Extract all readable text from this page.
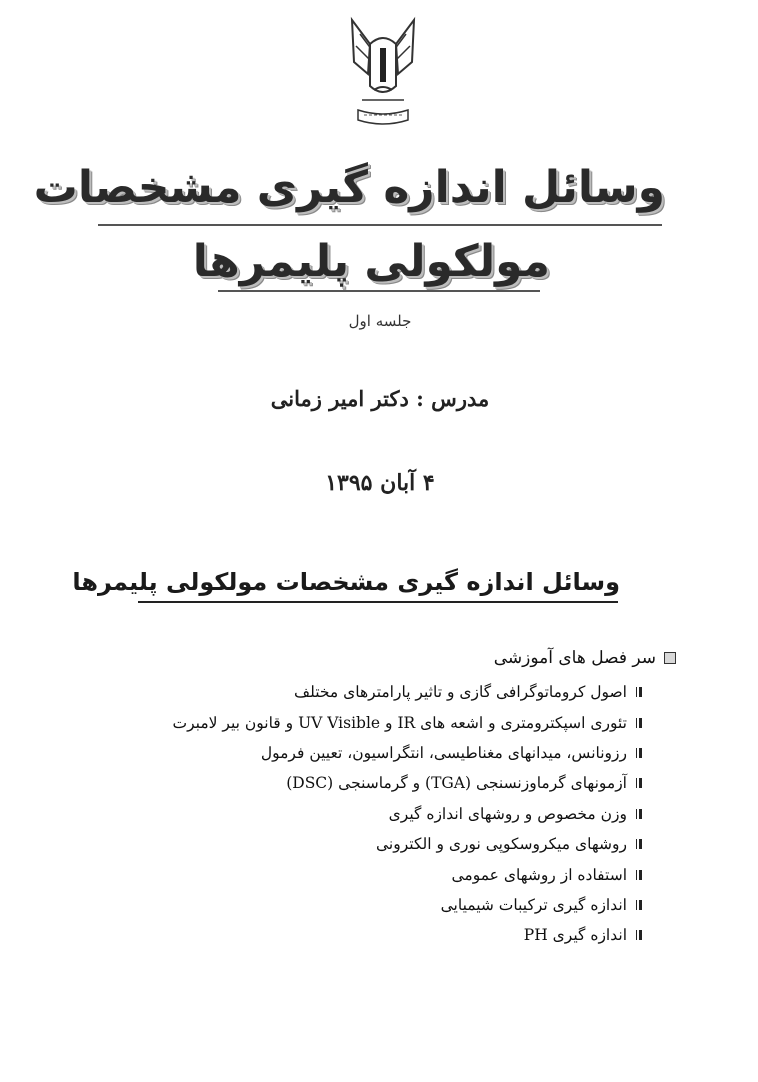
وسائل اندازه گیری مشخصات
مولکولی پلیمرها
جلسه اول
مدرس : دکتر امیر زمانی
۴ آبان ۱۳۹۵
وسائل اندازه گیری مشخصات مولکولی پلیمرها
سر فصل های آموزشی
اصول کروماتوگرافی گازی و تاثیر پارامترهای مختلف
تئوری اسپکترومتری و اشعه های IR و UV Visible و قانون بیر لامبرت
رزونانس، میدانهای مغناطیسی، انتگراسیون، تعیین فرمول
آزمونهای گرماوزنسنجی (TGA) و گرماسنجی (DSC)
وزن مخصوص و روشهای اندازه گیری
روشهای میکروسکوپی نوری و الکترونی
استفاده از روشهای عمومی
اندازه گیری ترکیبات شیمیایی
اندازه گیری PH
